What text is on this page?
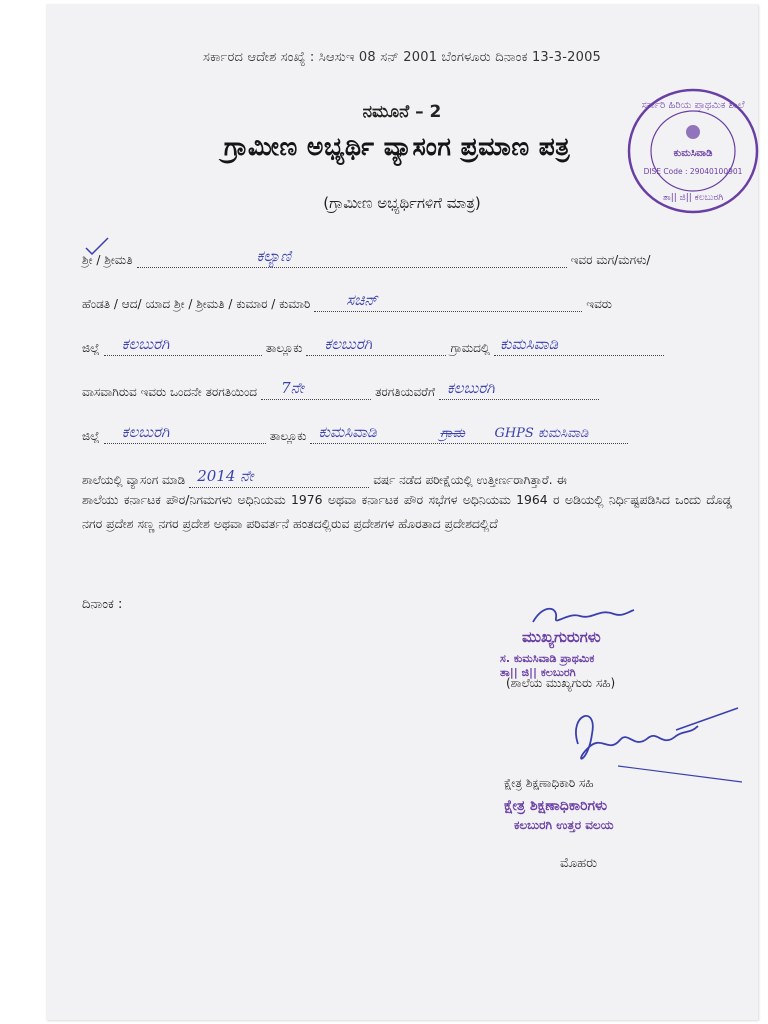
ಸರ್ಕಾರದ ಆದೇಶ ಸಂಖ್ಯೆ : ಸಿಆಸುಇ 08 ಸನ್ 2001 ಬೆಂಗಳೂರು ದಿನಾಂಕ 13-3-2005
ನಮೂನೆ – 2
ಗ್ರಾಮೀಣ ಅಭ್ಯರ್ಥಿ ವ್ಯಾಸಂಗ ಪ್ರಮಾಣ ಪತ್ರ
(ಗ್ರಾಮೀಣ ಅಭ್ಯರ್ಥಿಗಳಿಗೆ ಮಾತ್ರ)
ಸರ್ಕಾರಿ ಹಿರಿಯ ಪ್ರಾಥಮಿಕ ಶಾಲೆ
ಕುಮಸಿವಾಡಿ
DISE Code : 29040100901
ತಾ|| ಜಿ|| ಕಲಬುರಗಿ
ಶ್ರೀ / ಶ್ರೀಮತಿ	ಕಲ್ಯಾಣಿ	ಇವರ ಮಗ/ಮಗಳು/
ಹೆಂಡತಿ / ಆದ/ ಯಾದ ಶ್ರೀ / ಶ್ರೀಮತಿ / ಕುಮಾರ / ಕುಮಾರಿ ಸಚಿನ್	ಇವರು
ಜಿಲ್ಲೆ ಕಲಬುರಗಿ	ತಾಲ್ಲೂಕು ಕಲಬುರಗಿ	ಗ್ರಾಮದಲ್ಲಿ ಕುಮಸಿವಾಡಿ
ವಾಸವಾಗಿರುವ ಇವರು ಒಂದನೇ ತರಗತಿಯಿಂದ 7ನೇ	ತರಗತಿಯವರೆಗೆ ಕಲಬುರಗಿ
ಜಿಲ್ಲೆ ಕಲಬುರಗಿ	ತಾಲ್ಲೂಕು ಕುಮಸಿವಾಡಿ	ಗ್ರಾಮ GHPS ಕುಮಸಿವಾಡಿ
ಶಾಲೆಯಲ್ಲಿ ವ್ಯಾಸಂಗ ಮಾಡಿ 2014 ನೇ	ವರ್ಷ ನಡೆದ ಪರೀಕ್ಷೆಯಲ್ಲಿ ಉತ್ತೀರ್ಣರಾಗಿತ್ತಾರೆ. ಈ
ಶಾಲೆಯು ಕರ್ನಾಟಕ ಪೌರ/ನಿಗಮಗಳು ಅಧಿನಿಯಮ 1976 ಅಥವಾ ಕರ್ನಾಟಕ ಪೌರ ಸಭೆಗಳ ಅಧಿನಿಯಮ 1964 ರ ಅಡಿಯಲ್ಲಿ ನಿರ್ಧಿಷ್ಟಪಡಿಸಿದ ಒಂದು ದೊಡ್ಡ ನಗರ ಪ್ರದೇಶ ಸಣ್ಣ ನಗರ ಪ್ರದೇಶ ಅಥವಾ ಪರಿವರ್ತನೆ ಹಂತದಲ್ಲಿರುವ ಪ್ರದೇಶಗಳ ಹೊರತಾದ ಪ್ರದೇಶದಲ್ಲಿದೆ
ದಿನಾಂಕ :
ಮುಖ್ಯಗುರುಗಳು
ಸ. ಕುಮಸಿವಾಡಿ ಪ್ರಾಥಮಿಕ
ತಾ|| ಜಿ|| ಕಲಬುರಗಿ
(ಶಾಲೆಯ ಮುಖ್ಯಗುರು ಸಹಿ)
ಕ್ಷೇತ್ರ ಶಿಕ್ಷಣಾಧಿಕಾರಿ ಸಹಿ
ಕ್ಷೇತ್ರ ಶಿಕ್ಷಣಾಧಿಕಾರಿಗಳು
ಕಲಬುರಗಿ ಉತ್ತರ ವಲಯ
ಮೊಹರು
